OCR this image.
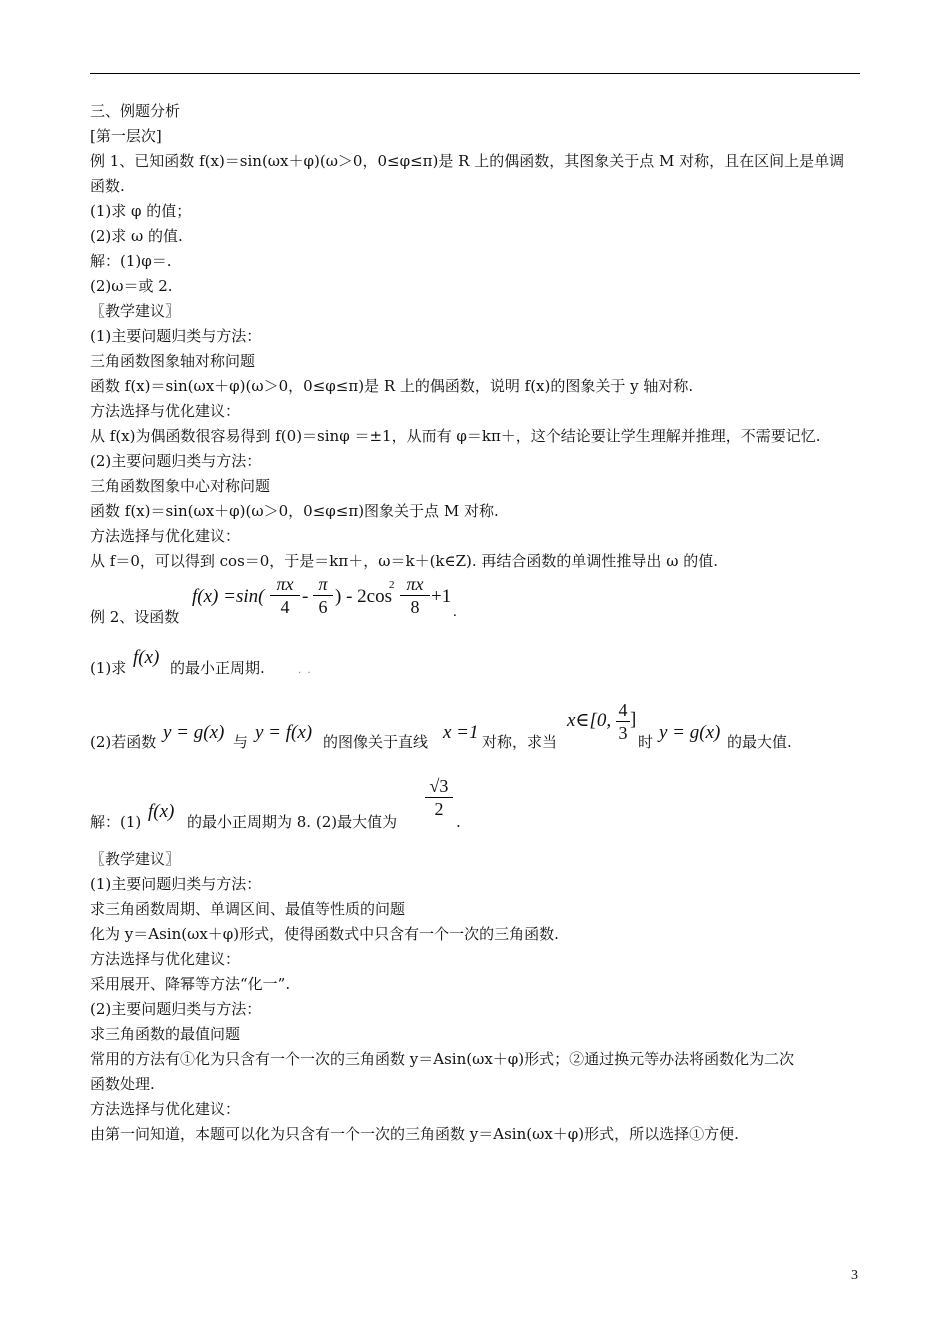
三、例题分析
[第一层次]
例 1、已知函数 f(x)＝sin(ωx＋φ)(ω＞0，0≤φ≤π)是 R 上的偶函数，其图象关于点 M 对称，且在区间上是单调
函数.
(1)求 φ 的值；
(2)求 ω 的值.
解：(1)φ＝.
(2)ω＝或 2.
〖教学建议〗
(1)主要问题归类与方法：
三角函数图象轴对称问题
函数 f(x)＝sin(ωx＋φ)(ω＞0，0≤φ≤π)是 R 上的偶函数，说明 f(x)的图象关于 y 轴对称.
方法选择与优化建议：
从 f(x)为偶函数很容易得到 f(0)＝sinφ ＝±1，从而有 φ＝kπ＋，这个结论要让学生理解并推理，不需要记忆.
(2)主要问题归类与方法：
三角函数图象中心对称问题
函数 f(x)＝sin(ωx＋φ)(ω＞0，0≤φ≤π)图象关于点 M 对称.
方法选择与优化建议：
从 f＝0，可以得到 cos＝0，于是＝kπ＋，ω＝k＋(k∈Z). 再结合函数的单调性推导出 ω 的值.
例 2、设函数
f(x) =sin(
πx
4 -
π
6 ) - 2cos
2 πx
8 +1
.
(1)求 f(x) 的最小正周期.	.  .
(2)若函数 y = g(x) 与 y = f(x) 的图像关于直线 x =1 对称，求当
x∈[0, 4
3
]
时 y = g(x) 的最大值.
解：(1) f(x) 的最小正周期为 8. (2)最大值为
√3
2
.
〖教学建议〗
(1)主要问题归类与方法：
求三角函数周期、单调区间、最值等性质的问题
化为 y＝Asin(ωx＋φ)形式，使得函数式中只含有一个一次的三角函数.
方法选择与优化建议：
采用展开、降幂等方法“化一”.
(2)主要问题归类与方法：
求三角函数的最值问题
常用的方法有①化为只含有一个一次的三角函数 y＝Asin(ωx＋φ)形式；②通过换元等办法将函数化为二次
函数处理.
方法选择与优化建议：
由第一问知道，本题可以化为只含有一个一次的三角函数 y＝Asin(ωx＋φ)形式，所以选择①方便.
3
